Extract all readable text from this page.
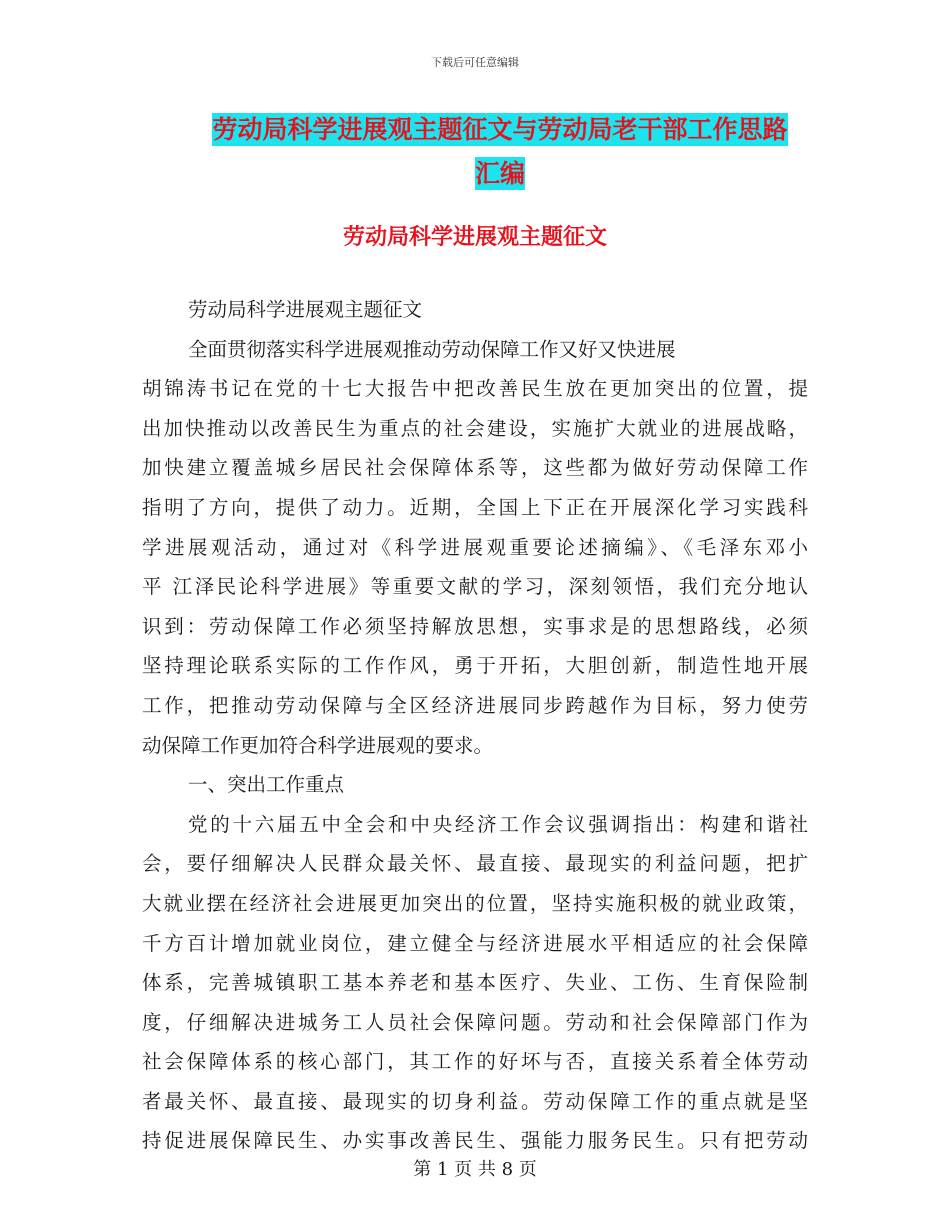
下载后可任意编辑
劳动局科学进展观主题征文与劳动局老干部工作思路
汇编
劳动局科学进展观主题征文
劳动局科学进展观主题征文
全面贯彻落实科学进展观推动劳动保障工作又好又快进展
胡锦涛书记在党的十七大报告中把改善民生放在更加突出的位置，提
出加快推动以改善民生为重点的社会建设，实施扩大就业的进展战略，
加快建立覆盖城乡居民社会保障体系等，这些都为做好劳动保障工作
指明了方向，提供了动力。近期，全国上下正在开展深化学习实践科
学进展观活动，通过对《科学进展观重要论述摘编》、《毛泽东邓小
平 江泽民论科学进展》等重要文献的学习，深刻领悟，我们充分地认
识到：劳动保障工作必须坚持解放思想，实事求是的思想路线，必须
坚持理论联系实际的工作作风，勇于开拓，大胆创新，制造性地开展
工作，把推动劳动保障与全区经济进展同步跨越作为目标，努力使劳
动保障工作更加符合科学进展观的要求。
一、突出工作重点
党的十六届五中全会和中央经济工作会议强调指出：构建和谐社
会，要仔细解决人民群众最关怀、最直接、最现实的利益问题，把扩
大就业摆在经济社会进展更加突出的位置，坚持实施积极的就业政策，
千方百计增加就业岗位，建立健全与经济进展水平相适应的社会保障
体系，完善城镇职工基本养老和基本医疗、失业、工伤、生育保险制
度，仔细解决进城务工人员社会保障问题。劳动和社会保障部门作为
社会保障体系的核心部门，其工作的好坏与否，直接关系着全体劳动
者最关怀、最直接、最现实的切身利益。劳动保障工作的重点就是坚
持促进展保障民生、办实事改善民生、强能力服务民生。只有把劳动
第 1 页 共 8 页
